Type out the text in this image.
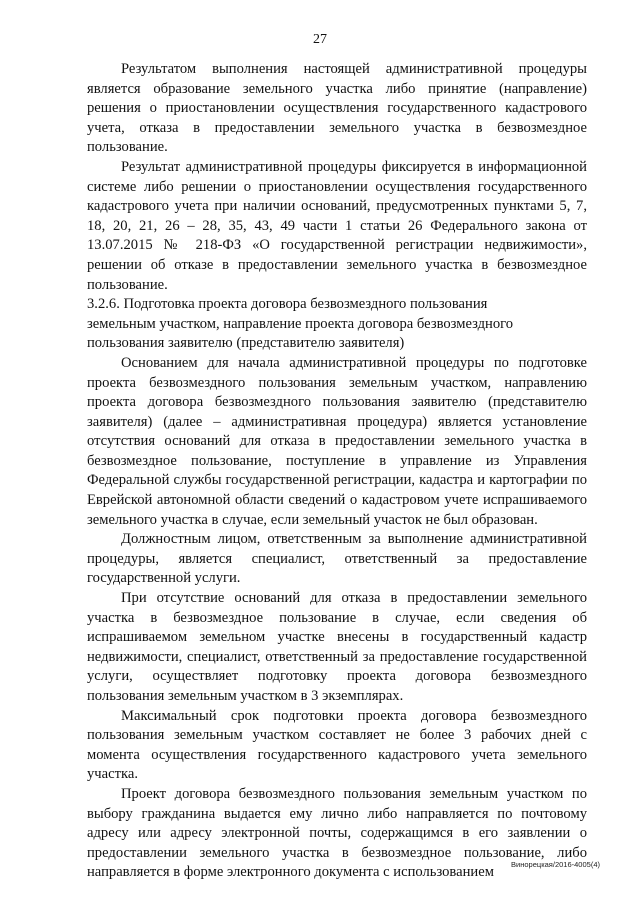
27

Результатом выполнения настоящей административной процедуры является образование земельного участка либо принятие (направление) решения о приостановлении осуществления государственного кадастрового учета, отказа в предоставлении земельного участка в безвозмездное пользование.

Результат административной процедуры фиксируется в информационной системе либо решении о приостановлении осуществления государственного кадастрового учета при наличии оснований, предусмотренных пунктами 5, 7, 18, 20, 21, 26 – 28, 35, 43, 49 части 1 статьи 26 Федерального закона от 13.07.2015 № 218-ФЗ «О государственной регистрации недвижимости», решении об отказе в предоставлении земельного участка в безвозмездное пользование.

3.2.6. Подготовка проекта договора безвозмездного пользования
земельным участком, направление проекта договора безвозмездного
пользования заявителю (представителю заявителя)

Основанием для начала административной процедуры по подготовке проекта безвозмездного пользования земельным участком, направлению проекта договора безвозмездного пользования заявителю (представителю заявителя) (далее – административная процедура) является установление отсутствия оснований для отказа в предоставлении земельного участка в безвозмездное пользование, поступление в управление из Управления Федеральной службы государственной регистрации, кадастра и картографии по Еврейской автономной области сведений о кадастровом учете испрашиваемого земельного участка в случае, если земельный участок не был образован.

Должностным лицом, ответственным за выполнение административной процедуры, является специалист, ответственный за предоставление государственной услуги.

При отсутствие оснований для отказа в предоставлении земельного участка в безвозмездное пользование в случае, если сведения об испрашиваемом земельном участке внесены в государственный кадастр недвижимости, специалист, ответственный за предоставление государственной услуги, осуществляет подготовку проекта договора безвозмездного пользования земельным участком в 3 экземплярах.

Максимальный срок подготовки проекта договора безвозмездного пользования земельным участком составляет не более 3 рабочих дней с момента осуществления государственного кадастрового учета земельного участка.

Проект договора безвозмездного пользования земельным участком по выбору гражданина выдается ему лично либо направляется по почтовому адресу или адресу электронной почты, содержащимся в его заявлении о предоставлении земельного участка в безвозмездное пользование, либо направляется в форме электронного документа с использованием	Винорецкая/2016-4005(4)
